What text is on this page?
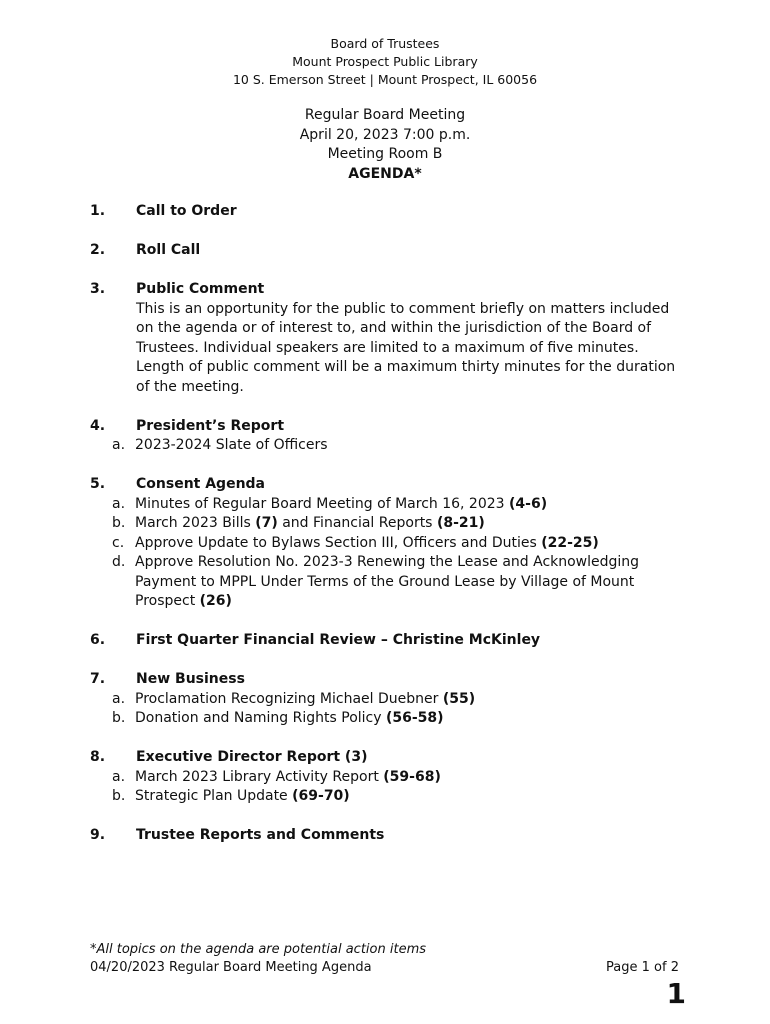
Board of Trustees
Mount Prospect Public Library
10 S. Emerson Street | Mount Prospect, IL 60056
Regular Board Meeting
April 20, 2023 7:00 p.m.
Meeting Room B
AGENDA*
1. Call to Order
2. Roll Call
3. Public Comment

This is an opportunity for the public to comment briefly on matters included on the agenda or of interest to, and within the jurisdiction of the Board of Trustees. Individual speakers are limited to a maximum of five minutes. Length of public comment will be a maximum thirty minutes for the duration of the meeting.

4. President’s Report
a. 2023-2024 Slate of Officers
5. Consent Agenda
a. Minutes of Regular Board Meeting of March 16, 2023 (4-6)
b. March 2023 Bills (7) and Financial Reports (8-21)
c. Approve Update to Bylaws Section III, Officers and Duties (22-25)
d. Approve Resolution No. 2023-3 Renewing the Lease and Acknowledging Payment to MPPL Under Terms of the Ground Lease by Village of Mount Prospect (26)
6. First Quarter Financial Review – Christine McKinley
7. New Business
a. Proclamation Recognizing Michael Duebner (55)
b. Donation and Naming Rights Policy (56-58)
8. Executive Director Report (3)
a. March 2023 Library Activity Report (59-68)
b. Strategic Plan Update (69-70)
9. Trustee Reports and Comments
*All topics on the agenda are potential action items
04/20/2023 Regular Board Meeting Agenda	Page 1 of 2
1
